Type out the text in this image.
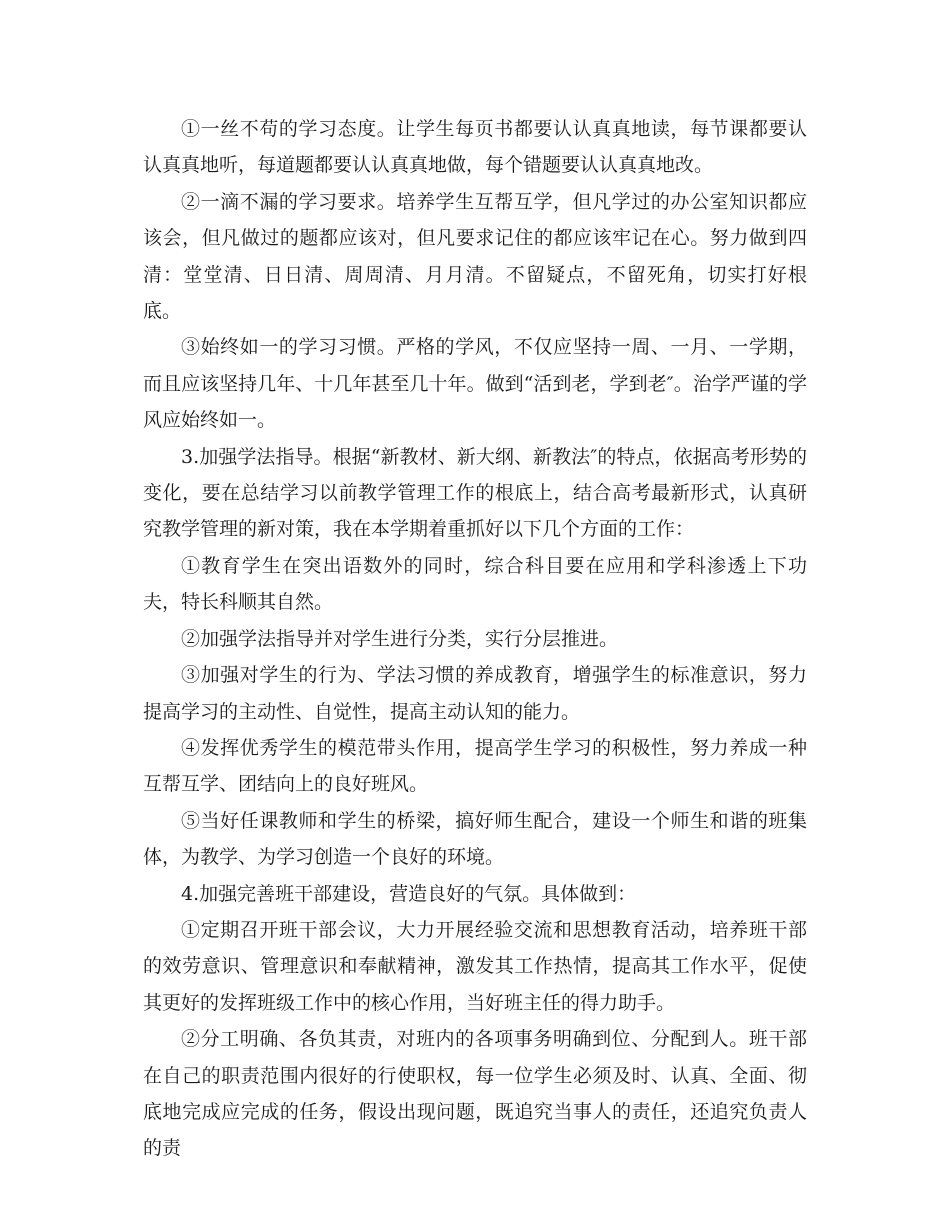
①一丝不苟的学习态度。让学生每页书都要认认真真地读，每节课都要认认真真地听，每道题都要认认真真地做，每个错题要认认真真地改。

②一滴不漏的学习要求。培养学生互帮互学，但凡学过的办公室知识都应该会，但凡做过的题都应该对，但凡要求记住的都应该牢记在心。努力做到四清：堂堂清、日日清、周周清、月月清。不留疑点，不留死角，切实打好根底。

③始终如一的学习习惯。严格的学风，不仅应坚持一周、一月、一学期，而且应该坚持几年、十几年甚至几十年。做到“活到老，学到老″。治学严谨的学风应始终如一。

3.加强学法指导。根据“新教材、新大纲、新教法″的特点，依据高考形势的变化，要在总结学习以前教学管理工作的根底上，结合高考最新形式，认真研究教学管理的新对策，我在本学期着重抓好以下几个方面的工作：

①教育学生在突出语数外的同时，综合科目要在应用和学科渗透上下功夫，特长科顺其自然。

②加强学法指导并对学生进行分类，实行分层推进。

③加强对学生的行为、学法习惯的养成教育，增强学生的标准意识，努力提高学习的主动性、自觉性，提高主动认知的能力。

④发挥优秀学生的模范带头作用，提高学生学习的积极性，努力养成一种互帮互学、团结向上的良好班风。

⑤当好任课教师和学生的桥梁，搞好师生配合，建设一个师生和谐的班集体，为教学、为学习创造一个良好的环境。

4.加强完善班干部建设，营造良好的气氛。具体做到：

①定期召开班干部会议，大力开展经验交流和思想教育活动，培养班干部的效劳意识、管理意识和奉献精神，激发其工作热情，提高其工作水平，促使其更好的发挥班级工作中的核心作用，当好班主任的得力助手。

②分工明确、各负其责，对班内的各项事务明确到位、分配到人。班干部在自己的职责范围内很好的行使职权，每一位学生必须及时、认真、全面、彻底地完成应完成的任务，假设出现问题，既追究当事人的责任，还追究负责人的责
